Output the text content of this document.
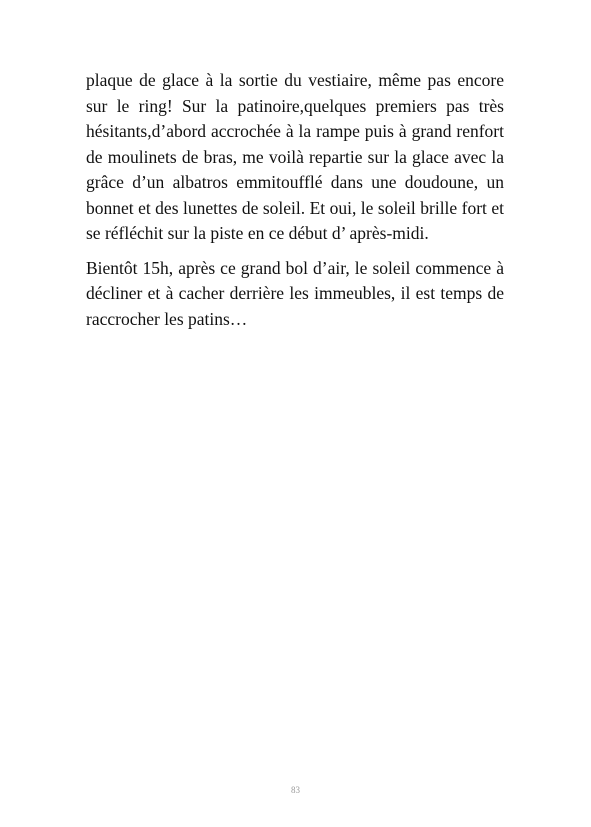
plaque de glace à la sortie du vestiaire, même pas encore sur le ring! Sur la patinoire,quelques premiers pas très hésitants,d’abord accrochée à la rampe puis à grand renfort de moulinets de bras, me voilà repartie sur la glace avec la grâce d’un albatros emmitoufflé dans une doudoune, un bonnet et des lunettes de soleil. Et oui, le soleil brille fort et se réfléchit sur la piste en ce début d’ après-midi.

Bientôt 15h, après ce grand bol d’air, le soleil commence à décliner et à cacher derrière les immeubles, il est temps de raccrocher les patins…

83
